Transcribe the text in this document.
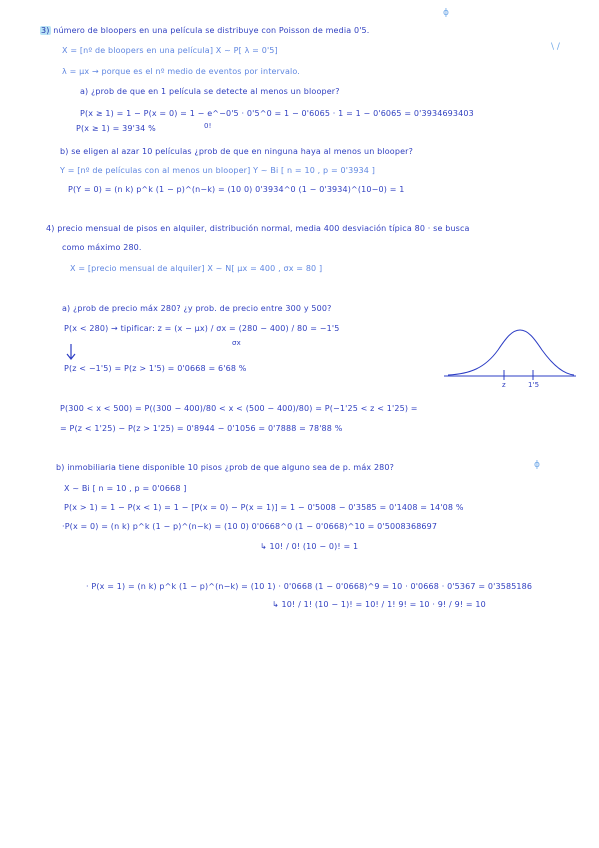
ɸ
\ /
ɸ
3) número de bloopers en una película se distribuye con Poisson de media 0'5.
X = [nº de bloopers en una película] X ~ P[ λ = 0'5]
λ = μx → porque es el nº medio de eventos por intervalo.
a) ¿prob de que en 1 película se detecte al menos un blooper?
P(x ≥ 1) = 1 − P(x = 0) = 1 − e^−0'5 · 0'5^0 = 1 − 0'6065 · 1 = 1 − 0'6065 = 0'3934693403
0!
P(x ≥ 1) = 39'34 %
b) se eligen al azar 10 películas ¿prob de que en ninguna haya al menos un blooper?
Y = [nº de películas con al menos un blooper] Y ~ Bi [ n = 10 , p = 0'3934 ]
P(Y = 0) = (n k) p^k (1 − p)^(n−k) = (10 0) 0'3934^0 (1 − 0'3934)^(10−0) = 1
4) precio mensual de pisos en alquiler, distribución normal, media 400 desviación típica 80 · se busca
como máximo 280.
X = [precio mensual de alquiler] X ~ N[ μx = 400 , σx = 80 ]
a) ¿prob de precio máx 280? ¿y prob. de precio entre 300 y 500?
P(x < 280) → tipificar: z = (x − μx) / σx = (280 − 400) / 80 = −1'5
σx
P(z < −1'5) = P(z > 1'5) = 0'0668 = 6'68 %
z	1'5
P(300 < x < 500) = P((300 − 400)/80 < x < (500 − 400)/80) = P(−1'25 < z < 1'25) =
= P(z < 1'25) − P(z > 1'25) = 0'8944 − 0'1056 = 0'7888 = 78'88 %
b) inmobiliaria tiene disponible 10 pisos ¿prob de que alguno sea de p. máx 280?
X ~ Bi [ n = 10 , p = 0'0668 ]
P(x > 1) = 1 − P(x < 1) = 1 − [P(x = 0) − P(x = 1)] = 1 − 0'5008 − 0'3585 = 0'1408 = 14'08 %
·P(x = 0) = (n k) p^k (1 − p)^(n−k) = (10 0) 0'0668^0 (1 − 0'0668)^10 = 0'5008368697
↳ 10! / 0! (10 − 0)! = 1
· P(x = 1) = (n k) p^k (1 − p)^(n−k) = (10 1) · 0'0668 (1 − 0'0668)^9 = 10 · 0'0668 · 0'5367 = 0'3585186
↳ 10! / 1! (10 − 1)! = 10! / 1! 9! = 10 · 9! / 9! = 10
